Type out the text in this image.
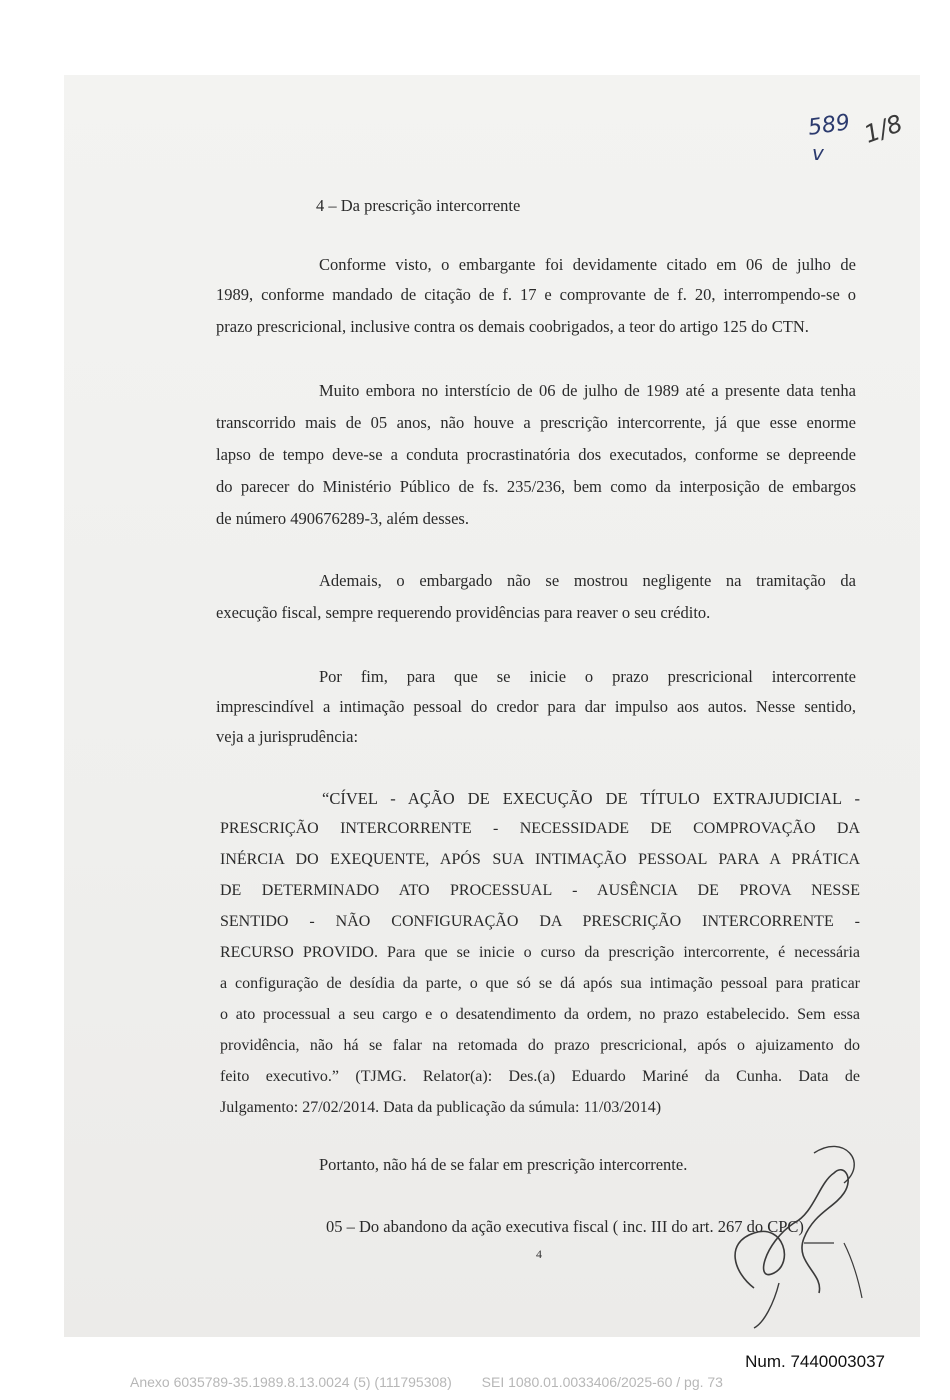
589
v
1/8
4 – Da prescrição intercorrente
Conforme visto, o embargante foi devidamente citado em 06 de julho de
1989, conforme mandado de citação de f. 17 e comprovante de f. 20, interrompendo-se o
prazo prescricional, inclusive contra os demais coobrigados, a teor do artigo 125 do CTN.
Muito embora no interstício de 06 de julho de 1989 até a presente data tenha
transcorrido mais de 05 anos, não houve a prescrição intercorrente, já que esse enorme
lapso de tempo deve-se a conduta procrastinatória dos executados, conforme se depreende
do parecer do Ministério Público de fs. 235/236, bem como da interposição de embargos
de número 490676289-3, além desses.
Ademais, o embargado não se mostrou negligente na tramitação da
execução fiscal, sempre requerendo providências para reaver o seu crédito.
Por fim, para que se inicie o prazo prescricional intercorrente
imprescindível a intimação pessoal do credor para dar impulso aos autos. Nesse sentido,
veja a jurisprudência:
“CÍVEL - AÇÃO DE EXECUÇÃO DE TÍTULO EXTRAJUDICIAL -
PRESCRIÇÃO INTERCORRENTE - NECESSIDADE DE COMPROVAÇÃO DA
INÉRCIA DO EXEQUENTE, APÓS SUA INTIMAÇÃO PESSOAL PARA A PRÁTICA
DE DETERMINADO ATO PROCESSUAL - AUSÊNCIA DE PROVA NESSE
SENTIDO - NÃO CONFIGURAÇÃO DA PRESCRIÇÃO INTERCORRENTE -
RECURSO PROVIDO. Para que se inicie o curso da prescrição intercorrente, é necessária
a configuração de desídia da parte, o que só se dá após sua intimação pessoal para praticar
o ato processual a seu cargo e o desatendimento da ordem, no prazo estabelecido. Sem essa
providência, não há se falar na retomada do prazo prescricional, após o ajuizamento do
feito executivo.” (TJMG. Relator(a): Des.(a) Eduardo Mariné da Cunha. Data de
Julgamento: 27/02/2014. Data da publicação da súmula: 11/03/2014)
Portanto, não há de se falar em prescrição intercorrente.
05 – Do abandono da ação executiva fiscal ( inc. III do art. 267 do CPC)
4
Num. 7440003037
Anexo 6035789-35.1989.8.13.0024 (5) (111795308) SEI 1080.01.0033406/2025-60 / pg. 73
